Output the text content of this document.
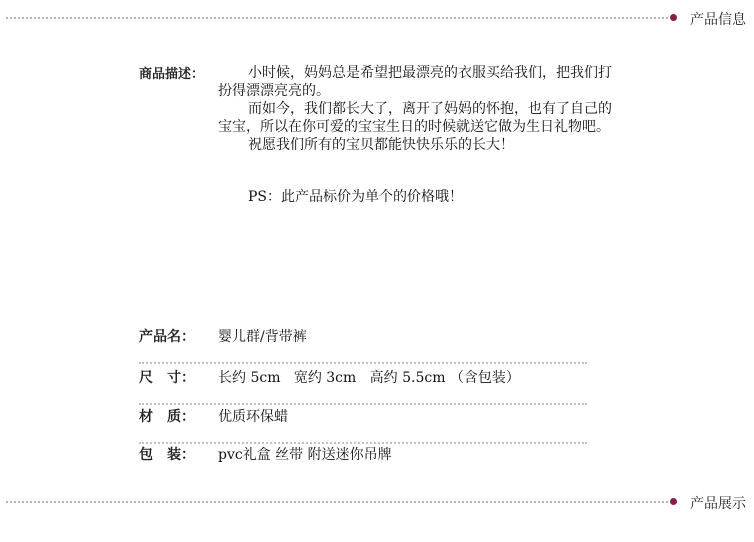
产品信息
商品描述：	小时候，妈妈总是希望把最漂亮的衣服买给我们，把我们打扮得漂漂亮亮的。

而如今，我们都长大了，离开了妈妈的怀抱，也有了自己的宝宝，所以在你可爱的宝宝生日的时候就送它做为生日礼物吧。

祝愿我们所有的宝贝都能快快乐乐的长大！

PS：此产品标价为单个的价格哦！

产品名：	婴儿群/背带裤
尺　寸：	长约 5cm   宽约 3cm   高约 5.5cm （含包装）
材　质：	优质环保蜡
包　装：	pvc礼盒 丝带 附送迷你吊牌
产品展示
